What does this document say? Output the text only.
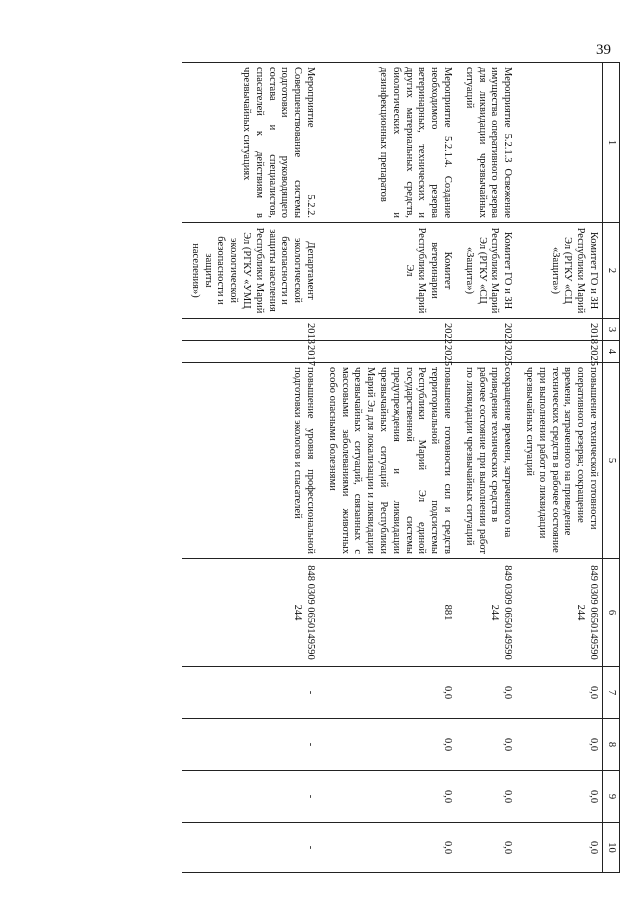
39
1	2	3	4	5	6	7	8	9	10
	Комитет ГО и ЗН Республики Марий Эл (РГКУ «СЦ «Защита»)	2018	2025	повышение технической готовности оперативного резерва; сокращение времени, затраченного на приведение технических средств в рабочее состояние при выполнении работ по ликвидации чрезвычайных ситуаций	849 0309 0650149590 244	0,0	0,0	0,0	0,0
Мероприятие 5.2.1.3 Освежение имущества оперативного резерва для ликвидации чрезвычайных ситуаций	Комитет ГО и ЗН Республики Марий Эл (РГКУ «СЦ «Защита»)	2023	2025	сокращение времени, затраченного на приведение технических средств в рабочее состояние при выполнении работ по ликвидации чрезвычайных ситуаций	849 0309 0650149590 244	0,0	0,0	0,0	0,0
Мероприятие 5.2.1.4. Создание необходимого резерва ветеринарных, технических и других материальных средств, биологических и дезинфекционных препаратов	Комитет ветеринарии Республики Марий Эл	2022	2025	повышение готовности сил и средств территориальной подсистемы Республики Марий Эл единой государственной системы предупреждения и ликвидации чрезвычайных ситуаций Республики Марий Эл для локализации и ликвидации чрезвычайных ситуаций, связанных с массовыми заболеваниями животных особо опасными болезнями	881	0,0	0,0	0,0	0,0
Мероприятие 5.2.2. Совершенствование системы подготовки руководящего состава и специалистов, спасателей к действиям в чрезвычайных ситуациях	Департамент экологической безопасности и защиты населения Республики Марий Эл (РГКУ «УМЦ экологической безопасности и защиты населения»)	2013	2017	повышение уровня профессиональной подготовки экологов и спасателей	848 0309 0650149590 244	-	-	-	-
